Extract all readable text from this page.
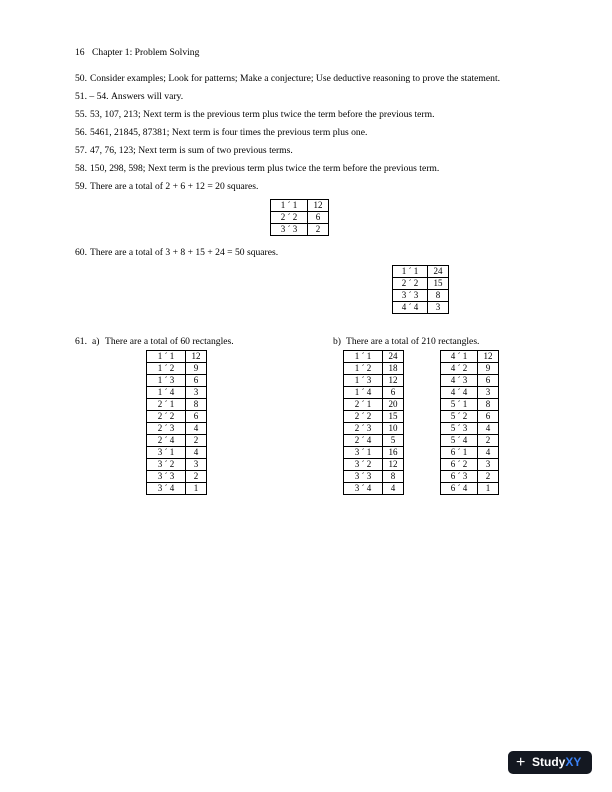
16 Chapter 1: Problem Solving
50. Consider examples; Look for patterns; Make a conjecture; Use deductive reasoning to prove the statement.
51. – 54. Answers will vary.
55. 53, 107, 213; Next term is the previous term plus twice the term before the previous term.
56. 5461, 21845, 87381; Next term is four times the previous term plus one.
57. 47, 76, 123; Next term is sum of two previous terms.
58. 150, 298, 598; Next term is the previous term plus twice the term before the previous term.
59. There are a total of 2 + 6 + 12 = 20 squares.
1 ´ 1	12
2 ´ 2	6
3 ´ 3	2
60. There are a total of 3 + 8 + 15 + 24 = 50 squares.
1 ´ 1	24
2 ´ 2	15
3 ´ 3	8
4 ´ 4	3
61. a) There are a total of 60 rectangles.	b) There are a total of 210 rectangles.
1 ´ 1	12
1 ´ 2	9
1 ´ 3	6
1 ´ 4	3
2 ´ 1	8
2 ´ 2	6
2 ´ 3	4
2 ´ 4	2
3 ´ 1	4
3 ´ 2	3
3 ´ 3	2
3 ´ 4	1
1 ´ 1	24
1 ´ 2	18
1 ´ 3	12
1 ´ 4	6
2 ´ 1	20
2 ´ 2	15
2 ´ 3	10
2 ´ 4	5
3 ´ 1	16
3 ´ 2	12
3 ´ 3	8
3 ´ 4	4
4 ´ 1	12
4 ´ 2	9
4 ´ 3	6
4 ´ 4	3
5 ´ 1	8
5 ´ 2	6
5 ´ 3	4
5 ´ 4	2
6 ´ 1	4
6 ´ 2	3
6 ´ 3	2
6 ´ 4	1
+ StudyXY
